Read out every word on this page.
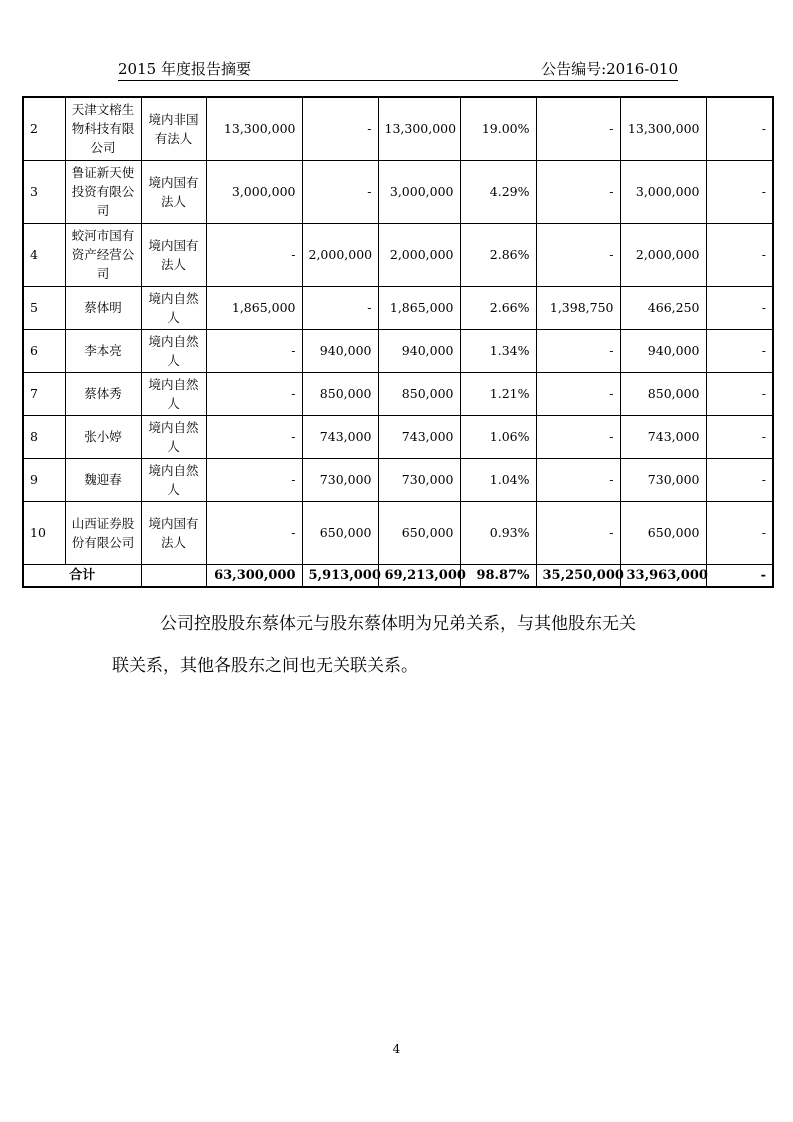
2015 年度报告摘要	公告编号:2016-010
2	天津文榕生物科技有限公司	境内非国有法人	13,300,000	-	13,300,000	19.00%	-	13,300,000	-
3	鲁证新天使投资有限公司	境内国有法人	3,000,000	-	3,000,000	4.29%	-	3,000,000	-
4	蛟河市国有资产经营公司	境内国有法人	-	2,000,000	2,000,000	2.86%	-	2,000,000	-
5	蔡体明	境内自然人	1,865,000	-	1,865,000	2.66%	1,398,750	466,250	-
6	李本亮	境内自然人	-	940,000	940,000	1.34%	-	940,000	-
7	蔡体秀	境内自然人	-	850,000	850,000	1.21%	-	850,000	-
8	张小婷	境内自然人	-	743,000	743,000	1.06%	-	743,000	-
9	魏迎春	境内自然人	-	730,000	730,000	1.04%	-	730,000	-
10	山西证券股份有限公司	境内国有法人	-	650,000	650,000	0.93%	-	650,000	-
合计			63,300,000	5,913,000	69,213,000	98.87%	35,250,000	33,963,000	-
公司控股股东蔡体元与股东蔡体明为兄弟关系，与其他股东无关
联关系，其他各股东之间也无关联关系。
4
